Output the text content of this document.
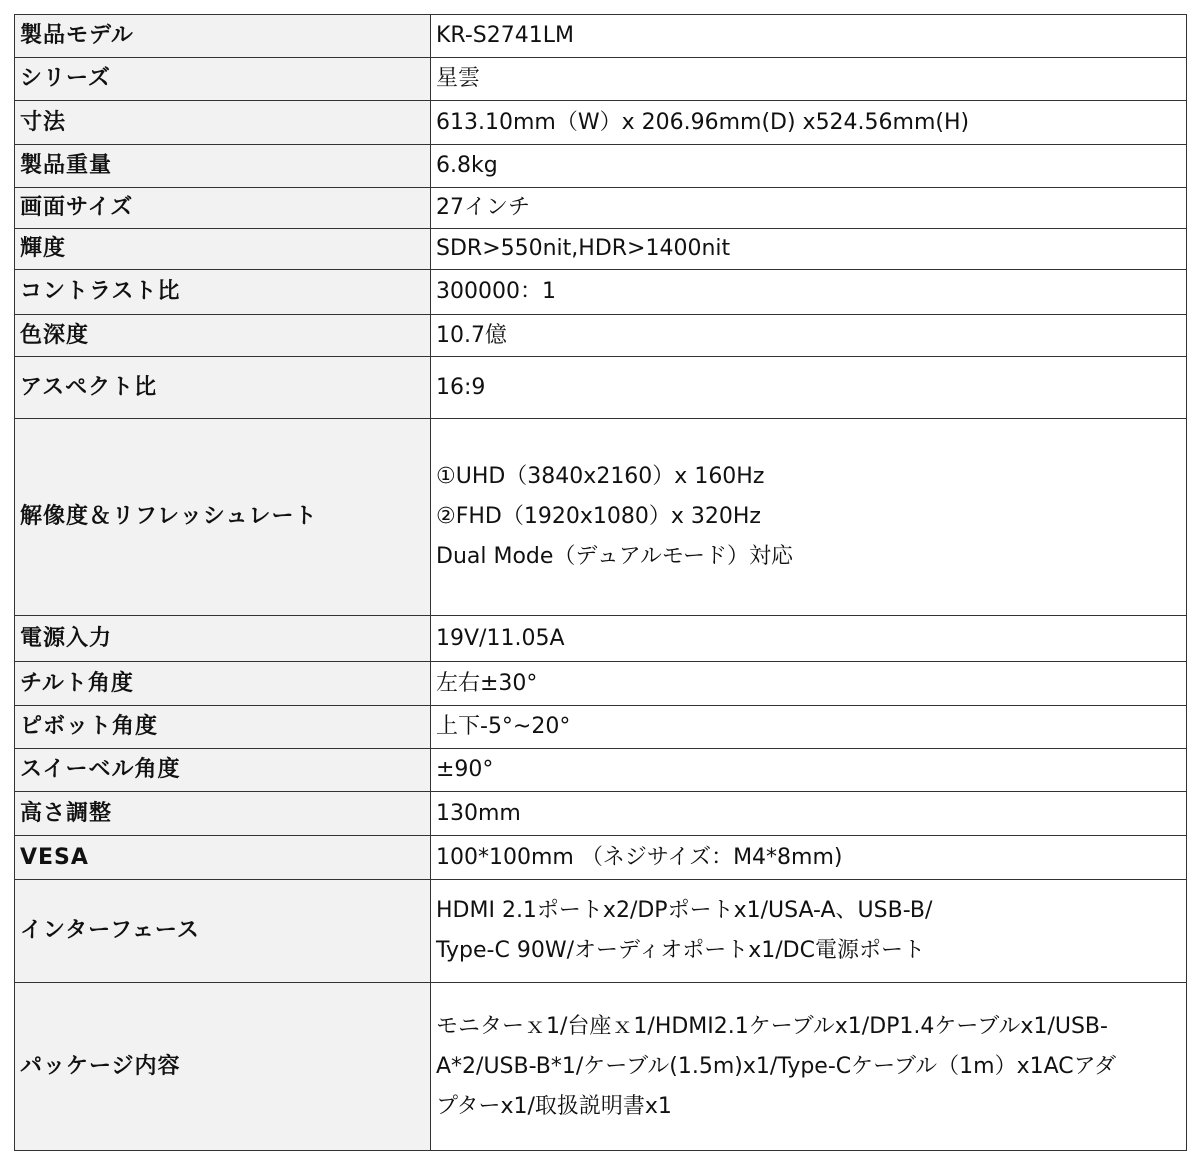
製品モデル	KR-S2741LM
シリーズ	星雲
寸法	613.10mm（W）x 206.96mm(D) x524.56mm(H)
製品重量	6.8kg
画面サイズ	27インチ
輝度	SDR>550nit,HDR>1400nit
コントラスト比	300000：1
色深度	10.7億
アスペクト比	16:9
解像度＆リフレッシュレート	①UHD（3840x2160）x 160Hz
②FHD（1920x1080）x 320Hz
Dual Mode（デュアルモード）対応

電源入力	19V/11.05A
チルト角度	左右±30°
ピボット角度	上下-5°~20°
スイーベル角度	±90°
高さ調整	130mm
VESA	100*100mm （ネジサイズ：M4*8mm)
インターフェース	HDMI 2.1ポートx2/DPポートx1/USA-A、USB-B/
Type-C 90W/オーディオポートx1/DC電源ポート

パッケージ内容	モニターｘ1/台座ｘ1/HDMI2.1ケーブルx1/DP1.4ケーブルx1/USB-
A*2/USB-B*1/ケーブル(1.5m)x1/Type-Cケーブル（1m）x1ACアダ
プターx1/取扱説明書x1
